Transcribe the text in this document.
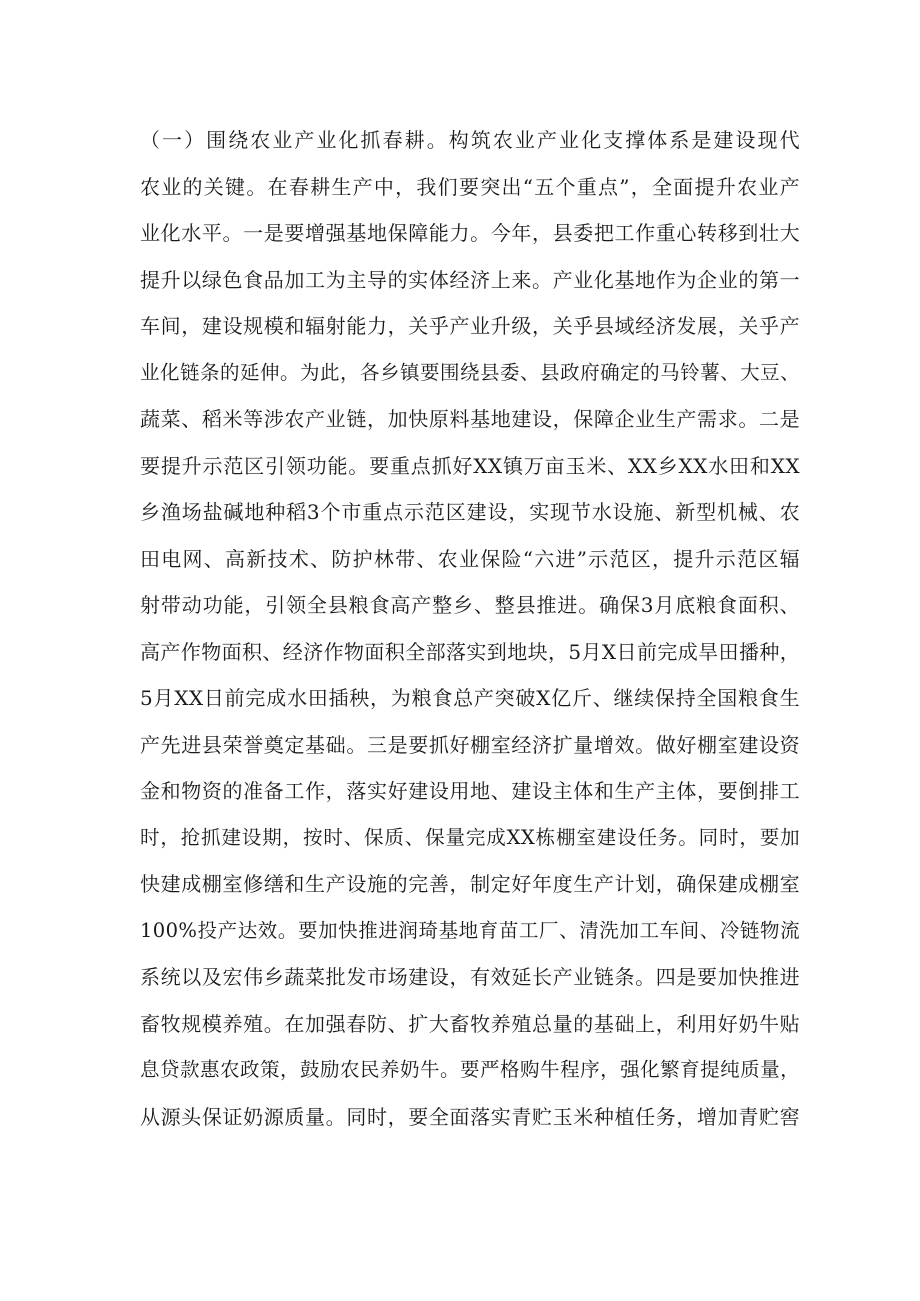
（一）围绕农业产业化抓春耕。构筑农业产业化支撑体系是建设现代
农业的关键。在春耕生产中，我们要突出“五个重点”，全面提升农业产
业化水平。一是要增强基地保障能力。今年，县委把工作重心转移到壮大
提升以绿色食品加工为主导的实体经济上来。产业化基地作为企业的第一
车间，建设规模和辐射能力，关乎产业升级，关乎县域经济发展，关乎产
业化链条的延伸。为此，各乡镇要围绕县委、县政府确定的马铃薯、大豆、
蔬菜、稻米等涉农产业链，加快原料基地建设，保障企业生产需求。二是
要提升示范区引领功能。要重点抓好XX镇万亩玉米、XX乡XX水田和XX
乡渔场盐碱地种稻3个市重点示范区建设，实现节水设施、新型机械、农
田电网、高新技术、防护林带、农业保险“六进”示范区，提升示范区辐
射带动功能，引领全县粮食高产整乡、整县推进。确保3月底粮食面积、
高产作物面积、经济作物面积全部落实到地块，5月X日前完成旱田播种，
5月XX日前完成水田插秧，为粮食总产突破X亿斤、继续保持全国粮食生
产先进县荣誉奠定基础。三是要抓好棚室经济扩量增效。做好棚室建设资
金和物资的准备工作，落实好建设用地、建设主体和生产主体，要倒排工
时，抢抓建设期，按时、保质、保量完成XX栋棚室建设任务。同时，要加
快建成棚室修缮和生产设施的完善，制定好年度生产计划，确保建成棚室
100%投产达效。要加快推进润琦基地育苗工厂、清洗加工车间、冷链物流
系统以及宏伟乡蔬菜批发市场建设，有效延长产业链条。四是要加快推进
畜牧规模养殖。在加强春防、扩大畜牧养殖总量的基础上，利用好奶牛贴
息贷款惠农政策，鼓励农民养奶牛。要严格购牛程序，强化繁育提纯质量，
从源头保证奶源质量。同时，要全面落实青贮玉米种植任务，增加青贮窖
